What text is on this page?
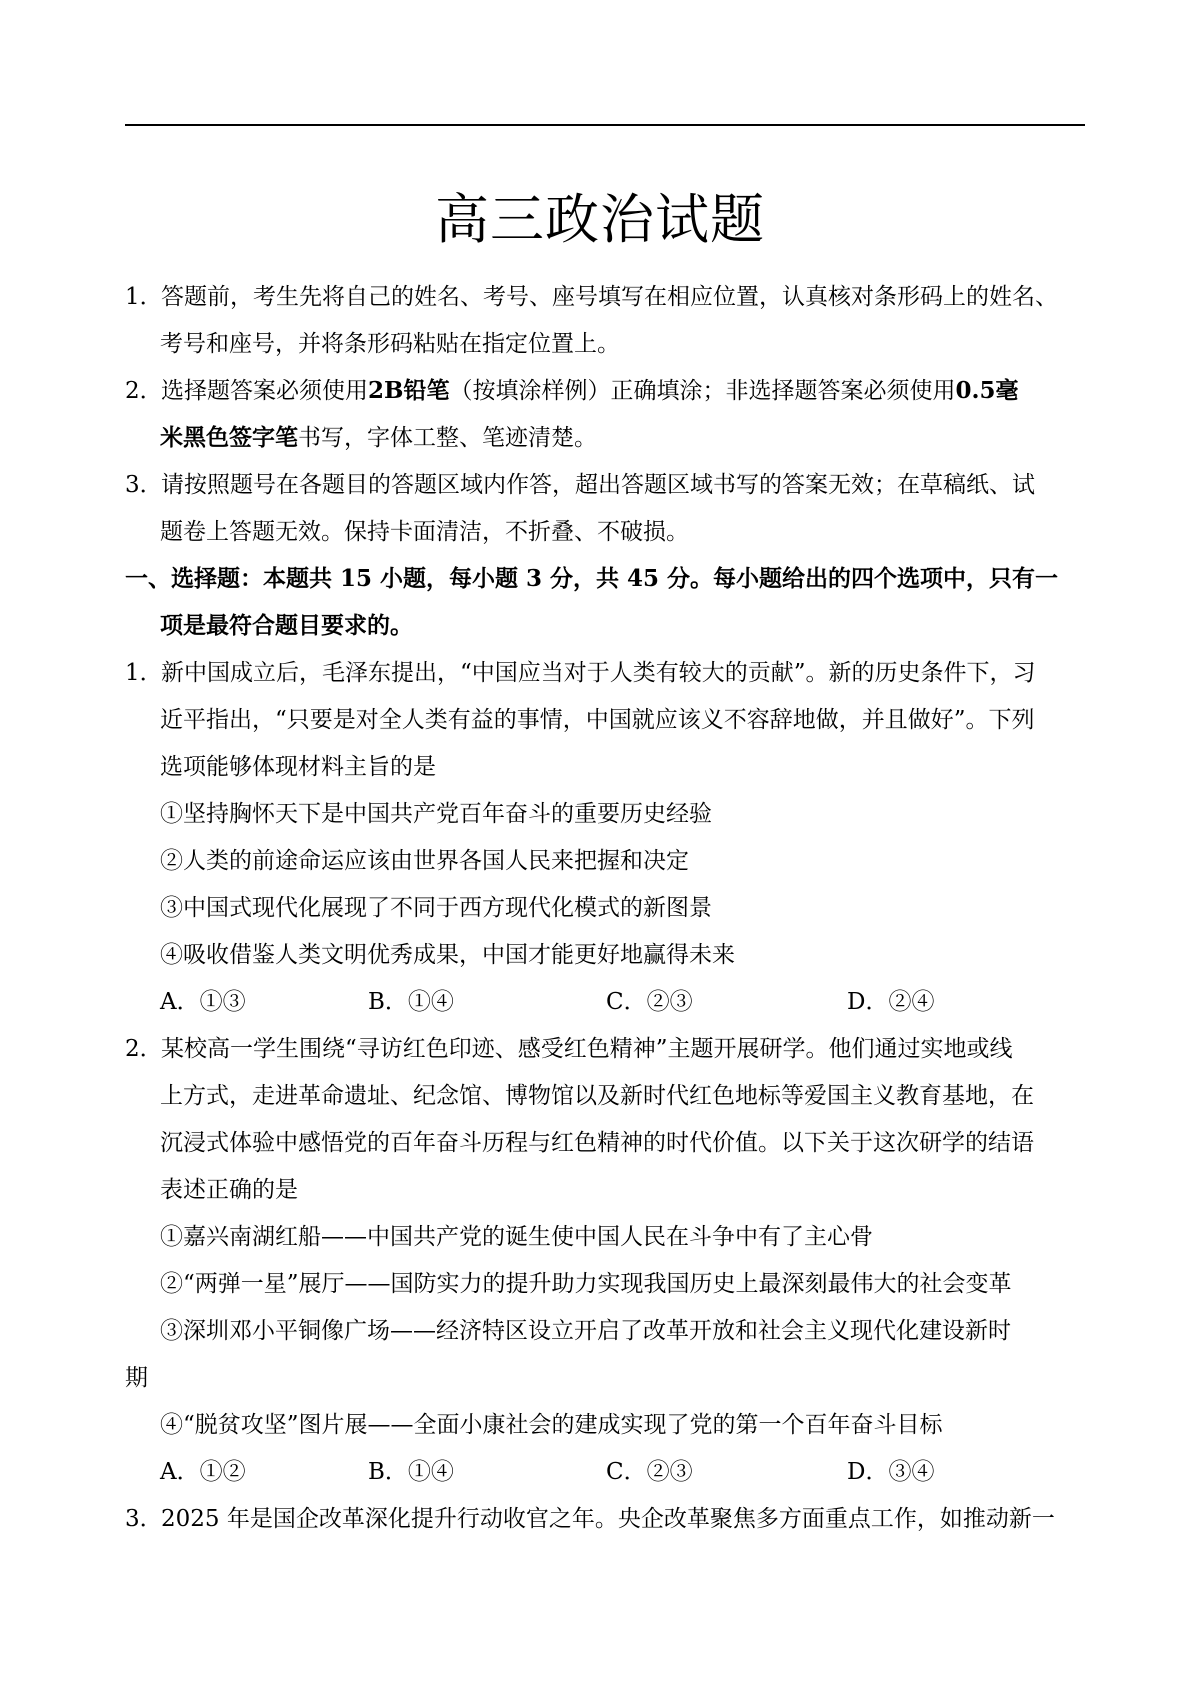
高三政治试题
1．答题前，考生先将自己的姓名、考号、座号填写在相应位置，认真核对条形码上的姓名、
考号和座号，并将条形码粘贴在指定位置上。
2．选择题答案必须使用2B铅笔（按填涂样例）正确填涂；非选择题答案必须使用0.5毫
米黑色签字笔书写，字体工整、笔迹清楚。
3．请按照题号在各题目的答题区域内作答，超出答题区域书写的答案无效；在草稿纸、试
题卷上答题无效。保持卡面清洁，不折叠、不破损。
一、选择题：本题共 15 小题，每小题 3 分，共 45 分。每小题给出的四个选项中，只有一
项是最符合题目要求的。
1．新中国成立后，毛泽东提出，“中国应当对于人类有较大的贡献”。新的历史条件下，习
近平指出，“只要是对全人类有益的事情，中国就应该义不容辞地做，并且做好”。下列
选项能够体现材料主旨的是
①坚持胸怀天下是中国共产党百年奋斗的重要历史经验
②人类的前途命运应该由世界各国人民来把握和决定
③中国式现代化展现了不同于西方现代化模式的新图景
④吸收借鉴人类文明优秀成果，中国才能更好地赢得未来
A．①③	B．①④	C．②③	D．②④
2．某校高一学生围绕“寻访红色印迹、感受红色精神”主题开展研学。他们通过实地或线
上方式，走进革命遗址、纪念馆、博物馆以及新时代红色地标等爱国主义教育基地，在
沉浸式体验中感悟党的百年奋斗历程与红色精神的时代价值。以下关于这次研学的结语
表述正确的是
①嘉兴南湖红船——中国共产党的诞生使中国人民在斗争中有了主心骨
②“两弹一星”展厅——国防实力的提升助力实现我国历史上最深刻最伟大的社会变革
③深圳邓小平铜像广场——经济特区设立开启了改革开放和社会主义现代化建设新时
期
④“脱贫攻坚”图片展——全面小康社会的建成实现了党的第一个百年奋斗目标
A．①②	B．①④	C．②③	D．③④
3．2025 年是国企改革深化提升行动收官之年。央企改革聚焦多方面重点工作，如推动新一
